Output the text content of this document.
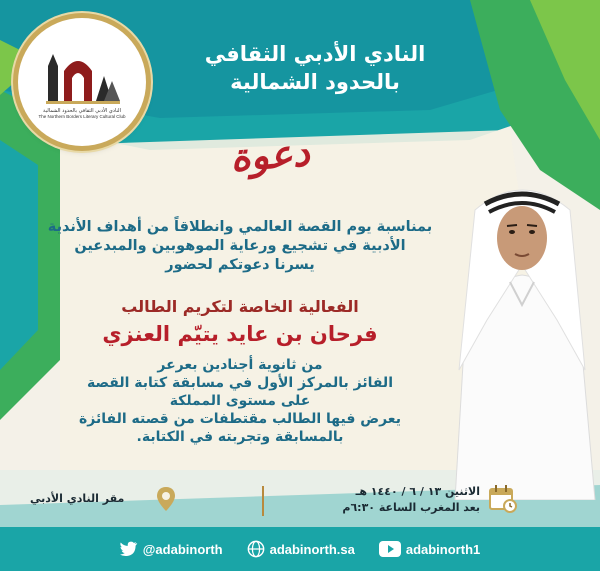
النادي الأدبي الثقافي بالحدود الشمالية
The Northern Borders Literary Cultural Club
النادي الأدبي الثقافي
بالحدود الشمالية
دعوة
بمناسبة يوم القصة العالمي وانطلاقاً من أهداف الأندية
الأدبية في تشجيع ورعاية الموهوبين والمبدعين
يسرنا دعوتكم لحضور
الفعالية الخاصة لتكريم الطالب
فرحان بن عايد يتيّم العنزي
من ثانوية أجنادين بعرعر
الفائز بالمركز الأول في مسابقة كتابة القصة
على مستوى المملكة
يعرض فيها الطالب مقتطفات من قصته الفائزة
بالمسابقة وتجربته في الكتابة.
الاثنين ١٣ / ٦ / ١٤٤٠ هـ
بعد المغرب الساعة ٦:٣٠م
مقر النادي الأدبي
@adabinorth	adabinorth.sa	adabinorth1
